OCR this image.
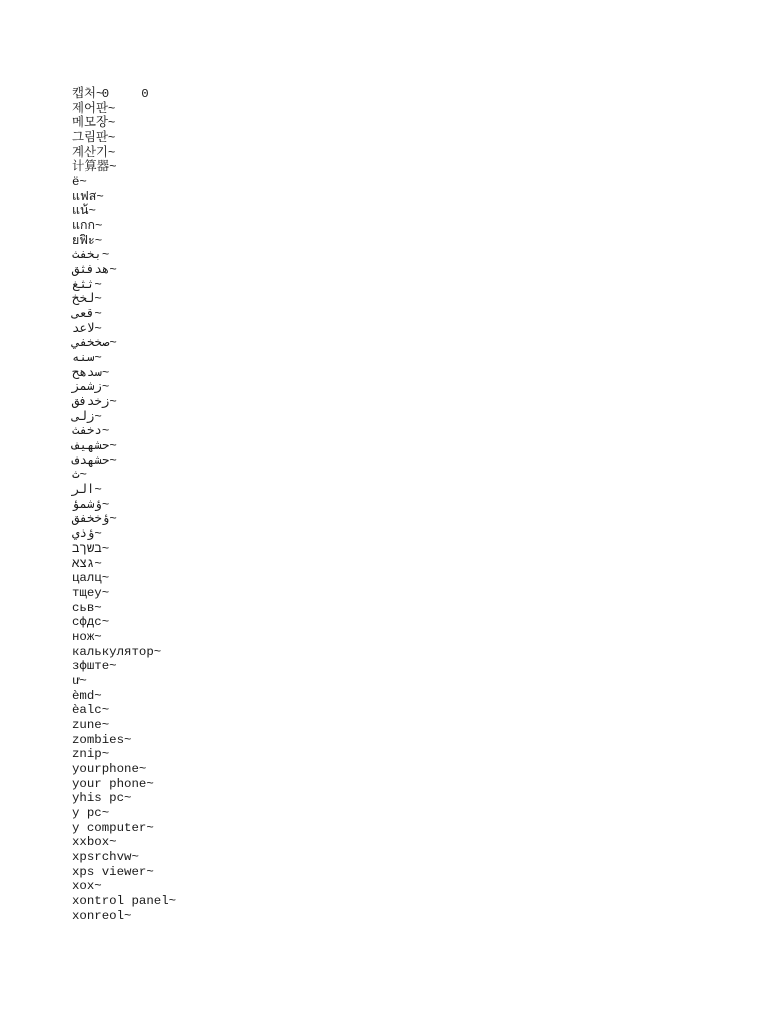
0	0

캡처~
제어판~
메모장~
그림판~
계산기~
计算器~
ë~
แฟส~
แน้~
แกก~
ยฟิะ~
بخفث~
هدفثق~
ثثغ~
لخخ~
قعى~
ﻻعد~
صخخفي~
سنه~
سدهح~
زشمز~
زخدفق~
زلى~
دخفث~
حشهيف~
حشهدف~
ث~
الر~
ؤشمؤ~
ؤخخفق~
ؤذي~
בשךב~
גצא~
цалц~
тщеу~
сьв~
сфдс~
нож~
калькулятор~
зфште~
ư~
èmd~
èalc~
zune~
zombies~
znip~
yourphone~
your phone~
yhis pc~
y pc~
y computer~
xxbox~
xpsrchvw~
xps viewer~
xox~
xontrol panel~
xonreol~
